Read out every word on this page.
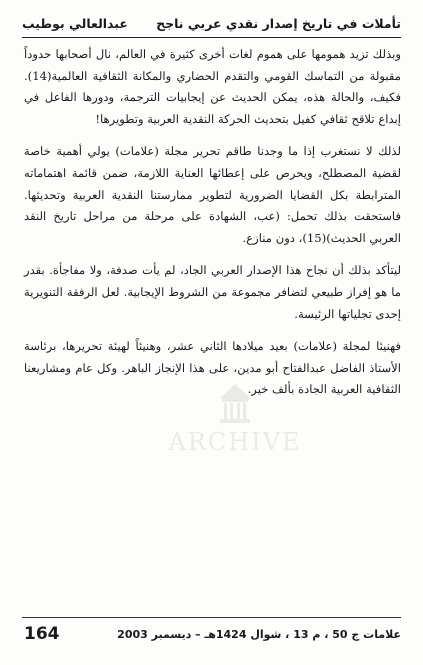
تأملات في تاريخ إصدار نقدي عربي ناجح
عبدالعالي بوطيب

وبذلك تزيد همومها على هموم لغات أخرى كثيرة في العالم، نال أصحابها حدوداً مقبولة من التماسك القومي والتقدم الحضاري والمكانة الثقافية العالمية(14). فكيف، والحالة هذه، يمكن الحديث عن إيجابيات الترجمة، ودورها الفاعل في إبداع تلاقح ثقافي كفيل بتحديث الحركة النقدية العربية وتطويرها!

لذلك لا نستغرب إذا ما وجدنا طاقم تحرير مجلة (علامات) يولي أهمية خاصة لقضية المصطلح، ويحرص على إعطائها العناية اللازمة، ضمن قائمة اهتماماته المترابطة بكل القضايا الضرورية لتطوير ممارستنا النقدية العربية وتحديثها. فاستحقت بذلك تحمل: (عب، الشهادة على مرحلة من مراحل تاريخ النقد العربي الحديث)(15)، دون منازع.

ليتأكد بذلك أن نجاح هذا الإصدار العربي الجاد، لم يأت صدفة، ولا مفاجأة. بقدر ما هو إفراز طبيعي لتضافر مجموعة من الشروط الإيجابية. لعل الرفقة التنويرية إحدى تجلياتها الرئيسة.

فهنيئا لمجلة (علامات) بعيد ميلادها الثاني عشر، وهنيئاً لهيئة تحريرها، برئاسة الأستاذ الفاضل عبدالفتاح أبو مدين، على هذا الإنجاز الباهر. وكل عام ومشاريعنا الثقافية العربية الجادة بألف خير.

ARCHIVE
علامات ج 50 ، م 13 ، شوال 1424هـ – ديسمبر 2003
164
